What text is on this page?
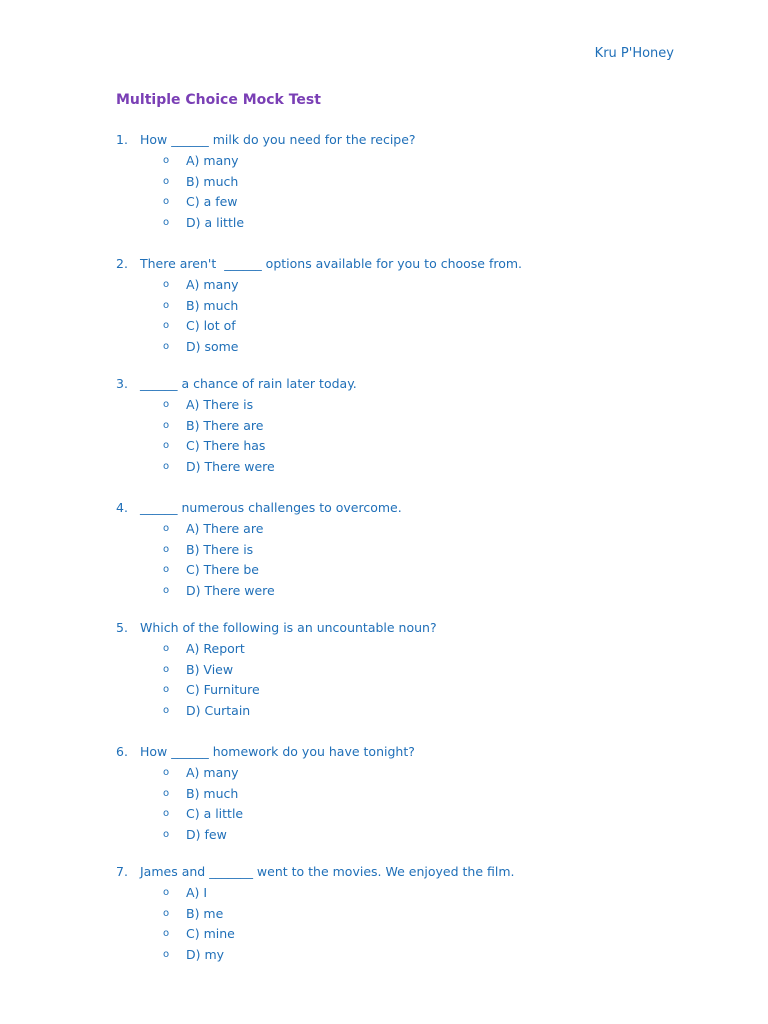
Kru P'Honey
Multiple Choice Mock Test
1. How ______ milk do you need for the recipe?
o	A) many
o	B) much
o	C) a few
o	D) a little
2. There aren't  ______ options available for you to choose from.
o	A) many
o	B) much
o	C) lot of
o	D) some
3. ______ a chance of rain later today.
o	A) There is
o	B) There are
o	C) There has
o	D) There were
4. ______ numerous challenges to overcome.
o	A) There are
o	B) There is
o	C) There be
o	D) There were
5. Which of the following is an uncountable noun?
o	A) Report
o	B) View
o	C) Furniture
o	D) Curtain
6. How ______ homework do you have tonight?
o	A) many
o	B) much
o	C) a little
o	D) few
7. James and _______ went to the movies. We enjoyed the film.
o	A) I
o	B) me
o	C) mine
o	D) my
